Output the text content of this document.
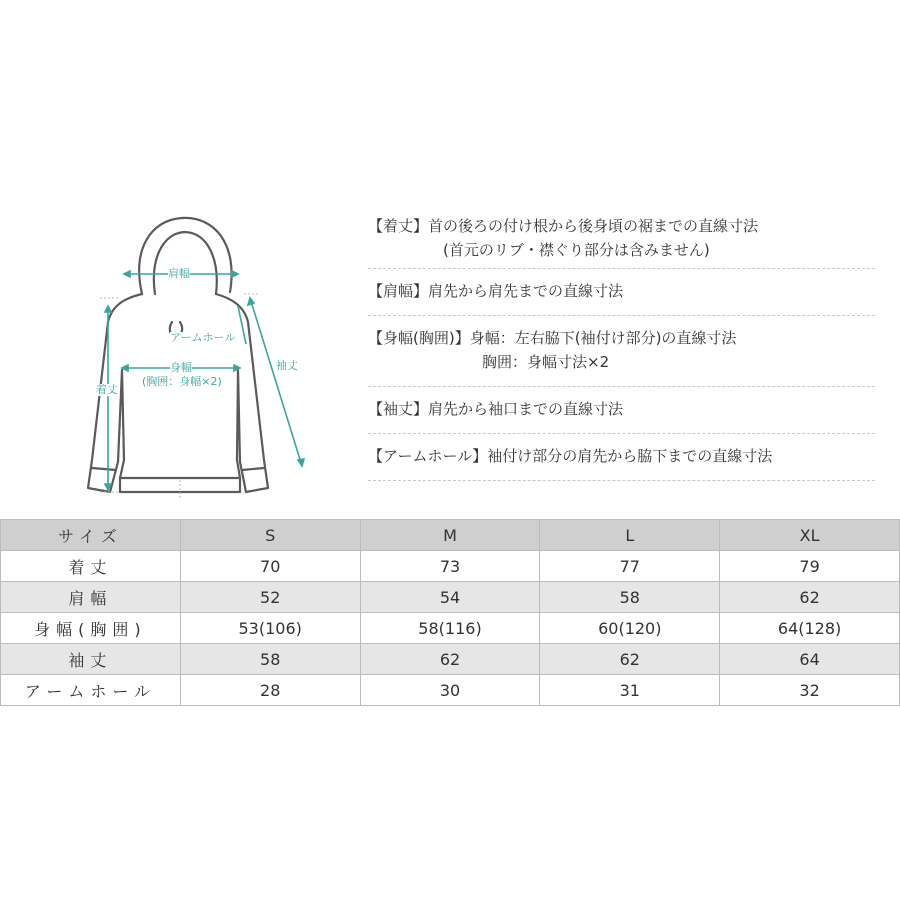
肩幅
アームホール
身幅
(胸囲：身幅×2)
袖丈
着丈
【着丈】 首の後ろの付け根から後身頃の裾までの直線寸法
(首元のリブ・襟ぐり部分は含みません)
【肩幅】 肩先から肩先までの直線寸法
【身幅(胸囲)】 身幅：左右脇下(袖付け部分)の直線寸法
胸囲：身幅寸法×2
【袖丈】 肩先から袖口までの直線寸法
【アームホール】 袖付け部分の肩先から脇下までの直線寸法
サイズ	S	M	L	XL
着丈	70	73	77	79
肩幅	52	54	58	62
身幅(胸囲)	53(106)	58(116)	60(120)	64(128)
袖丈	58	62	62	64
アームホール	28	30	31	32
